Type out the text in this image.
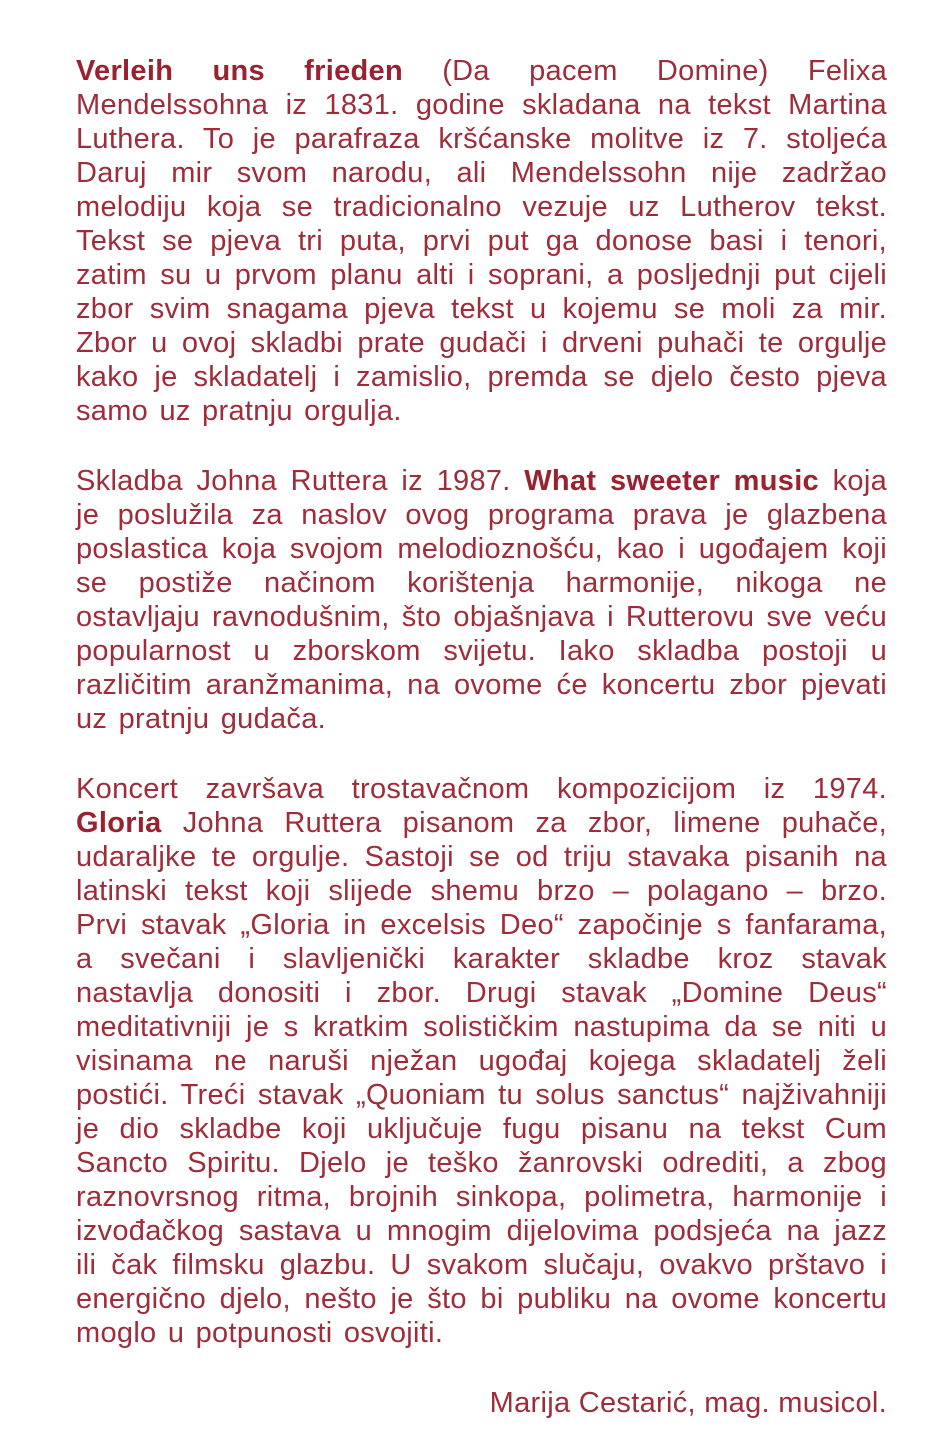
Verleih uns frieden (Da pacem Domine) Felixa Mendelssohna iz 1831. godine skladana na tekst Martina Luthera. To je parafraza kršćanske molitve iz 7. stoljeća Daruj mir svom narodu, ali Mendelssohn nije zadržao melodiju koja se tradicionalno vezuje uz Lutherov tekst. Tekst se pjeva tri puta, prvi put ga donose basi i tenori, zatim su u prvom planu alti i soprani, a posljednji put cijeli zbor svim snagama pjeva tekst u kojemu se moli za mir. Zbor u ovoj skladbi prate gudači i drveni puhači te orgulje kako je skladatelj i zamislio, premda se djelo često pjeva samo uz pratnju orgulja.

Skladba Johna Ruttera iz 1987. What sweeter music koja je poslužila za naslov ovog programa prava je glazbena poslastica koja svojom melodioznošću, kao i ugođajem koji se postiže načinom korištenja harmonije, nikoga ne ostavljaju ravnodušnim, što objašnjava i Rutterovu sve veću popularnost u zborskom svijetu. Iako skladba postoji u različitim aranžmanima, na ovome će koncertu zbor pjevati uz pratnju gudača.

Koncert završava trostavačnom kompozicijom iz 1974. Gloria Johna Ruttera pisanom za zbor, limene puhače, udaraljke te orgulje. Sastoji se od triju stavaka pisanih na latinski tekst koji slijede shemu brzo – polagano – brzo. Prvi stavak „Gloria in excelsis Deo“ započinje s fanfarama, a svečani i slavljenički karakter skladbe kroz stavak nastavlja donositi i zbor. Drugi stavak „Domine Deus“ meditativniji je s kratkim solističkim nastupima da se niti u visinama ne naruši nježan ugođaj kojega skladatelj želi postići. Treći stavak „Quoniam tu solus sanctus“ najživahniji je dio skladbe koji uključuje fugu pisanu na tekst Cum Sancto Spiritu. Djelo je teško žanrovski odrediti, a zbog raznovrsnog ritma, brojnih sinkopa, polimetra, harmonije i izvođačkog sastava u mnogim dijelovima podsjeća na jazz ili čak filmsku glazbu. U svakom slučaju, ovakvo prštavo i energično djelo, nešto je što bi publiku na ovome koncertu moglo u potpunosti osvojiti.

Marija Cestarić, mag. musicol.
